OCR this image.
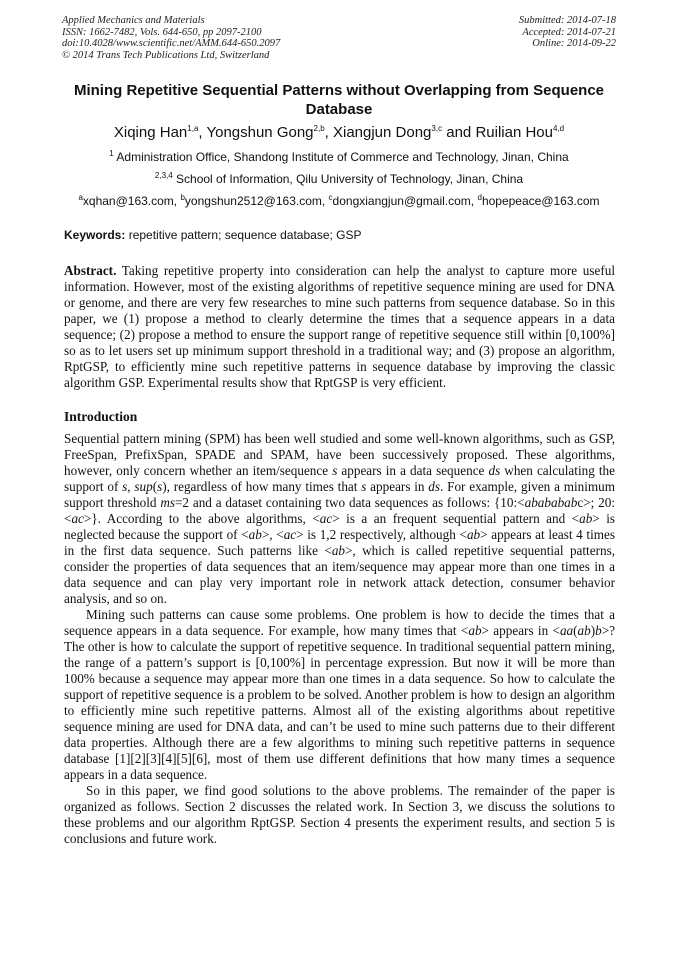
Applied Mechanics and Materials
ISSN: 1662-7482, Vols. 644-650, pp 2097-2100
doi:10.4028/www.scientific.net/AMM.644-650.2097
© 2014 Trans Tech Publications Ltd, Switzerland
Submitted: 2014-07-18
Accepted: 2014-07-21
Online: 2014-09-22
Mining Repetitive Sequential Patterns without Overlapping from Sequence Database
Xiqing Han$^{1,a}$, Yongshun Gong$^{2,b}$, Xiangjun Dong$^{3,c}$ and Ruilian Hou$^{4,d}$
$^1$ Administration Office, Shandong Institute of Commerce and Technology, Jinan, China
$^{2,3,4}$ School of Information, Qilu University of Technology, Jinan, China
$^a$xqhan@163.com, $^b$yongshun2512@163.com, $^c$dongxiangjun@gmail.com, $^d$hopepeace@163.com
Keywords: repetitive pattern; sequence database; GSP
Abstract. Taking repetitive property into consideration can help the analyst to capture more useful information. However, most of the existing algorithms of repetitive sequence mining are used for DNA or genome, and there are very few researches to mine such patterns from sequence database. So in this paper, we (1) propose a method to clearly determine the times that a sequence appears in a data sequence; (2) propose a method to ensure the support range of repetitive sequence still within [0,100%] so as to let users set up minimum support threshold in a traditional way; and (3) propose an algorithm, RptGSP, to efficiently mine such repetitive patterns in sequence database by improving the classic algorithm GSP. Experimental results show that RptGSP is very efficient.
Introduction

Sequential pattern mining (SPM) has been well studied and some well-known algorithms, such as GSP, FreeSpan, PrefixSpan, SPADE and SPAM, have been successively proposed. These algorithms, however, only concern whether an item/sequence s appears in a data sequence ds when calculating the support of s, sup(s), regardless of how many times that s appears in ds. For example, given a minimum support threshold ms=2 and a dataset containing two data sequences as follows: {10:<ababababc>; 20:<ac>}. According to the above algorithms, <ac> is a an frequent sequential pattern and <ab> is neglected because the support of <ab>, <ac> is 1,2 respectively, although <ab> appears at least 4 times in the first data sequence. Such patterns like <ab>, which is called repetitive sequential patterns, consider the properties of data sequences that an item/sequence may appear more than one times in a data sequence and can play very important role in network attack detection, consumer behavior analysis, and so on.

Mining such patterns can cause some problems. One problem is how to decide the times that a sequence appears in a data sequence. For example, how many times that <ab> appears in <aa(ab)b>? The other is how to calculate the support of repetitive sequence. In traditional sequential pattern mining, the range of a pattern’s support is [0,100%] in percentage expression. But now it will be more than 100% because a sequence may appear more than one times in a data sequence. So how to calculate the support of repetitive sequence is a problem to be solved. Another problem is how to design an algorithm to efficiently mine such repetitive patterns. Almost all of the existing algorithms about repetitive sequence mining are used for DNA data, and can’t be used to mine such patterns due to their different data properties. Although there are a few algorithms to mining such repetitive patterns in sequence database [1][2][3][4][5][6], most of them use different definitions that how many times a sequence appears in a data sequence.

So in this paper, we find good solutions to the above problems. The remainder of the paper is organized as follows. Section 2 discusses the related work. In Section 3, we discuss the solutions to these problems and our algorithm RptGSP. Section 4 presents the experiment results, and section 5 is conclusions and future work.
